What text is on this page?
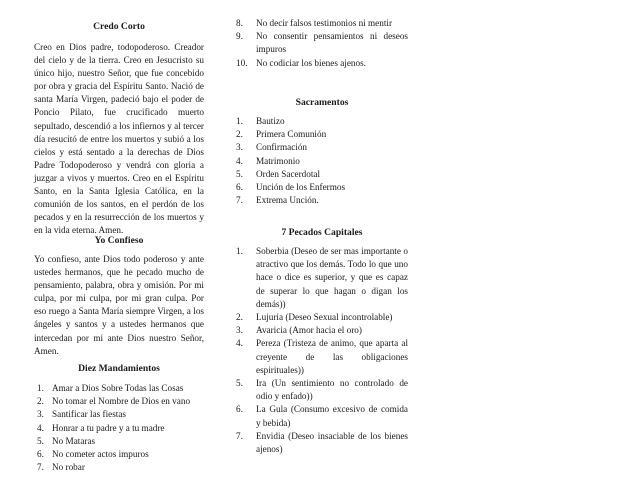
Credo Corto

Creo en Dios padre, todopoderoso. Creador del cielo y de la tierra. Creo en Jesucristo su único hijo, nuestro Señor, que fue concebido por obra y gracia del Espíritu Santo. Nació de santa María Virgen, padeció bajo el poder de Poncio Pilato, fue crucificado muerto sepultado, descendió a los infiernos y al tercer día resucitó de entre los muertos y subió a los cielos y está sentado a la derechas de Dios Padre Todopoderoso y vendrá con gloria a juzgar a vivos y muertos. Creo en el Espíritu Santo, en la Santa Iglesia Católica, en la comunión de los santos, en el perdón de los pecados y en la resurrección de los muertos y en la vida eterna. Amen.

Yo Confieso

Yo confieso, ante Dios todo poderoso y ante ustedes hermanos, que he pecado mucho de pensamiento, palabra, obra y omisión. Por mi culpa, por mi culpa, por mi gran culpa. Por eso ruego a Santa María siempre Virgen, a los ángeles y santos y a ustedes hermanos que intercedan por mi ante Dios nuestro Señor, Amen.

Diez Mandamientos
1. Amar a Dios Sobre Todas las Cosas
2. No tomar el Nombre de Dios en vano
3. Santificar las fiestas
4. Honrar a tu padre y a tu madre
5. No Mataras
6. No cometer actos impuros
7. No robar
8. No decir falsos testimonios ni mentir
9. No consentir pensamientos ni deseos impuros
10. No codiciar los bienes ajenos.
Sacramentos
1. Bautizo
2. Primera Comunión
3. Confirmación
4. Matrimonio
5. Orden Sacerdotal
6. Unción de los Enfermos
7. Extrema Unción.
7 Pecados Capitales
1. Soberbia (Deseo de ser mas importante o atractivo que los demás. Todo lo que uno hace o dice es superior, y que es capaz de superar lo que hagan o digan los demás))
2. Lujuria (Deseo Sexual incontrolable)
3. Avaricia (Amor hacia el oro)
4. Pereza (Tristeza de animo, que aparta al creyente de las obligaciones espirituales))
5. Ira (Un sentimiento no controlado de odio y enfado))
6. La Gula (Consumo excesivo de comida y bebida)
7. Envidia (Deseo insaciable de los bienes ajenos)
